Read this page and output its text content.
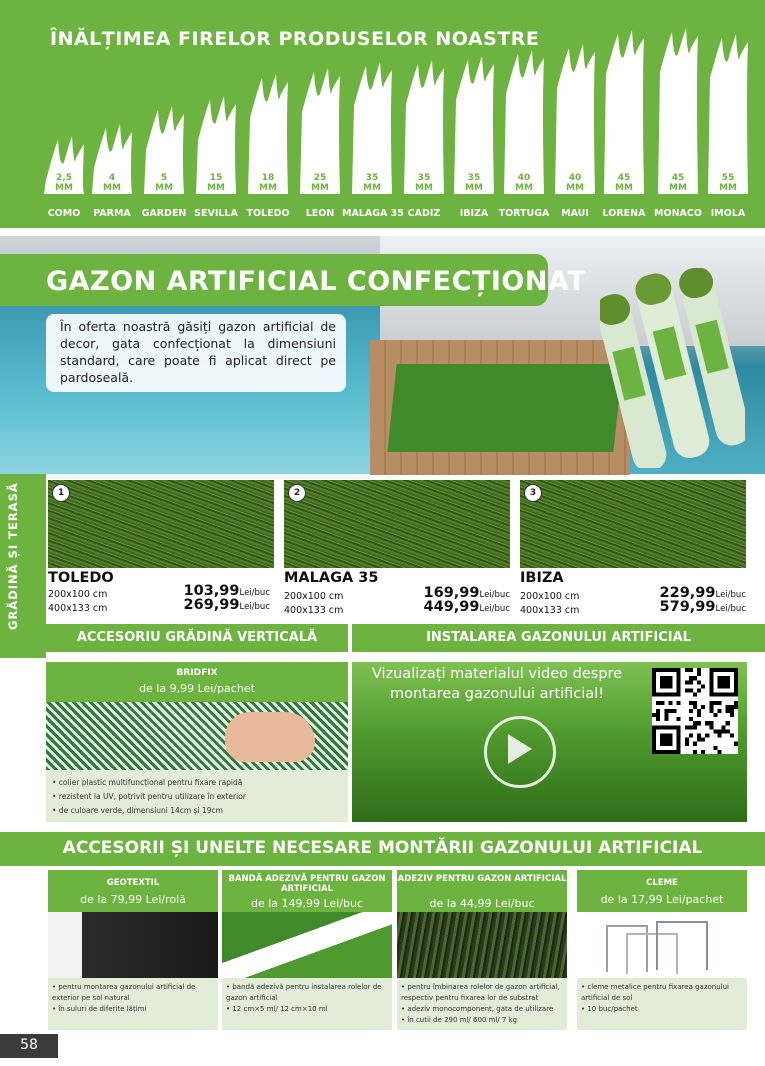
ÎNĂLȚIMEA FIRELOR PRODUSELOR NOASTRE
2,5
MM
COMO
4
MM
PARMA
5
MM
GARDEN
15
MM
SEVILLA
18
MM
TOLEDO
25
MM
LEON
35
MM
MALAGA 35
35
MM
CADIZ
35
MM
IBIZA
40
MM
TORTUGA
40
MM
MAUI
45
MM
LORENA
45
MM
MONACO
55
MM
IMOLA
GAZON ARTIFICIAL CONFECȚIONAT
În oferta noastră găsiți gazon artificial de decor, gata confecționat la dimensiuni standard, care poate fi aplicat direct pe pardoseală.
GRĂDINĂ ȘI TERASĂ	1
TOLEDO
200x100 cm
400x133 cm
103,99Lei/buc
269,99Lei/buc
2
MALAGA 35
200x100 cm
400x133 cm
169,99Lei/buc
449,99Lei/buc
3
IBIZA
200x100 cm
400x133 cm
229,99Lei/buc
579,99Lei/buc
ACCESORIU GRĂDINĂ VERTICALĂ	INSTALAREA GAZONULUI ARTIFICIAL
BRIDFIX
de la 9,99 Lei/pachet
• colier plastic multifuncțional pentru fixare rapidă
• rezistent la UV, potrivit pentru utilizare în exterior
• de culoare verde, dimensiuni 14cm și 19cm
Vizualizați materialul video despre montarea gazonului artificial!
ACCESORII ȘI UNELTE NECESARE MONTĂRII GAZONULUI ARTIFICIAL
GEOTEXTIL
de la 79,99 Lei/rolă
• pentru montarea gazonului artificial de exterior pe sol natural
• în suluri de diferite lățimi
BANDĂ ADEZIVĂ PENTRU GAZON ARTIFICIAL
de la 149,99 Lei/buc
• bandă adezivă pentru instalarea rolelor de gazon artificial
• 12 cm×5 ml/ 12 cm×10 ml
ADEZIV PENTRU GAZON ARTIFICIAL
de la 44,99 Lei/buc
• pentru îmbinarea rolelor de gazon artificial, respectiv pentru fixarea lor de substrat
• adeziv monocomponent, gata de utilizare
• în cutii de 290 ml/ 600 ml/ 7 kg
CLEME
de la 17,99 Lei/pachet
• cleme metalice pentru fixarea gazonului artificial de sol
• 10 buc/pachet
58
